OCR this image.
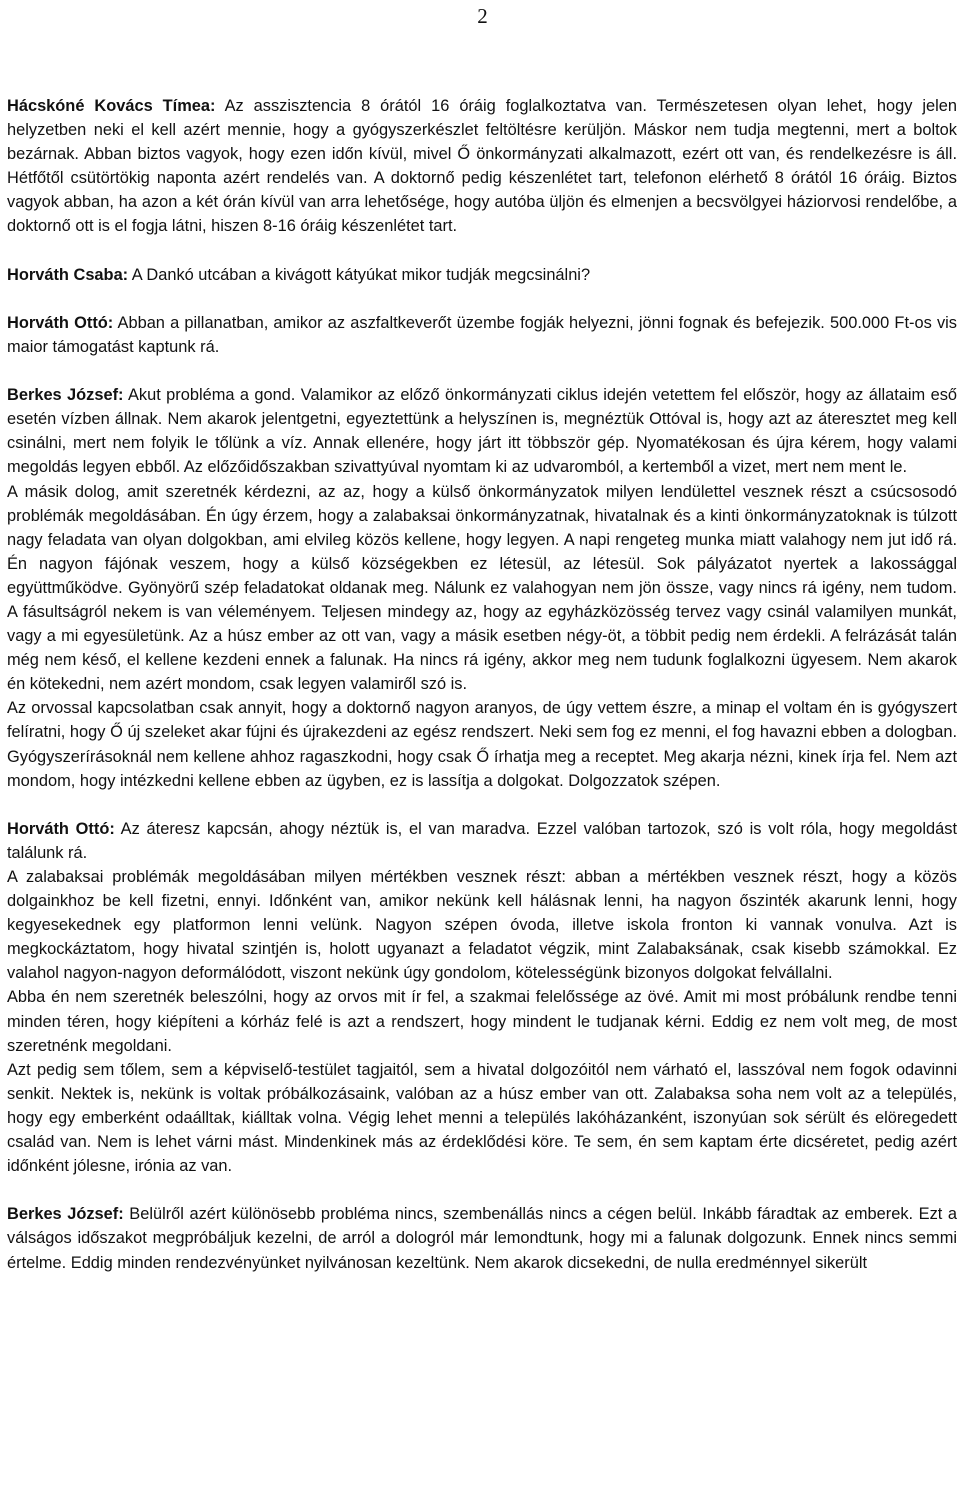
2

Hácskóné Kovács Tímea: Az asszisztencia 8 órától 16 óráig foglalkoztatva van. Természetesen olyan lehet, hogy jelen helyzetben neki el kell azért mennie, hogy a gyógyszerkészlet feltöltésre kerüljön. Máskor nem tudja megtenni, mert a boltok bezárnak. Abban biztos vagyok, hogy ezen időn kívül, mivel Ő önkormányzati alkalmazott, ezért ott van, és rendelkezésre is áll. Hétfőtől csütörtökig naponta azért rendelés van. A doktornő pedig készenlétet tart, telefonon elérhető 8 órától 16 óráig. Biztos vagyok abban, ha azon a két órán kívül van arra lehetősége, hogy autóba üljön és elmenjen a becsvölgyei háziorvosi rendelőbe, a doktornő ott is el fogja látni, hiszen 8-16 óráig készenlétet tart.

Horváth Csaba: A Dankó utcában a kivágott kátyúkat mikor tudják megcsinálni?

Horváth Ottó: Abban a pillanatban, amikor az aszfaltkeverőt üzembe fogják helyezni, jönni fognak és befejezik. 500.000 Ft-os vis maior támogatást kaptunk rá.

Berkes József: Akut probléma a gond. Valamikor az előző önkormányzati ciklus idején vetettem fel először, hogy az állataim eső esetén vízben állnak. Nem akarok jelentgetni, egyeztettünk a helyszínen is, megnéztük Ottóval is, hogy azt az áteresztet meg kell csinálni, mert nem folyik le tőlünk a víz. Annak ellenére, hogy járt itt többször gép. Nyomatékosan és újra kérem, hogy valami megoldás legyen ebből. Az előzőidőszakban szivattyúval nyomtam ki az udvaromból, a kertemből a vizet, mert nem ment le.

A másik dolog, amit szeretnék kérdezni, az az, hogy a külső önkormányzatok milyen lendülettel vesznek részt a csúcsosodó problémák megoldásában. Én úgy érzem, hogy a zalabaksai önkormányzatnak, hivatalnak és a kinti önkormányzatoknak is túlzott nagy feladata van olyan dolgokban, ami elvileg közös kellene, hogy legyen. A napi rengeteg munka miatt valahogy nem jut idő rá. Én nagyon fájónak veszem, hogy a külső községekben ez létesül, az létesül. Sok pályázatot nyertek a lakossággal együttműködve. Gyönyörű szép feladatokat oldanak meg. Nálunk ez valahogyan nem jön össze, vagy nincs rá igény, nem tudom. A fásultságról nekem is van véleményem. Teljesen mindegy az, hogy az egyházközösség tervez vagy csinál valamilyen munkát, vagy a mi egyesületünk. Az a húsz ember az ott van, vagy a másik esetben négy-öt, a többit pedig nem érdekli. A felrázását talán még nem késő, el kellene kezdeni ennek a falunak. Ha nincs rá igény, akkor meg nem tudunk foglalkozni ügyesem. Nem akarok én kötekedni, nem azért mondom, csak legyen valamiről szó is.

Az orvossal kapcsolatban csak annyit, hogy a doktornő nagyon aranyos, de úgy vettem észre, a minap el voltam én is gyógyszert felíratni, hogy Ő új szeleket akar fújni és újrakezdeni az egész rendszert. Neki sem fog ez menni, el fog havazni ebben a dologban. Gyógyszerírásoknál nem kellene ahhoz ragaszkodni, hogy csak Ő írhatja meg a receptet. Meg akarja nézni, kinek írja fel. Nem azt mondom, hogy intézkedni kellene ebben az ügyben, ez is lassítja a dolgokat. Dolgozzatok szépen.

Horváth Ottó: Az áteresz kapcsán, ahogy néztük is, el van maradva. Ezzel valóban tartozok, szó is volt róla, hogy megoldást találunk rá.

A zalabaksai problémák megoldásában milyen mértékben vesznek részt: abban a mértékben vesznek részt, hogy a közös dolgainkhoz be kell fizetni, ennyi. Időnként van, amikor nekünk kell hálásnak lenni, ha nagyon őszinték akarunk lenni, hogy kegyesekednek egy platformon lenni velünk. Nagyon szépen óvoda, illetve iskola fronton ki vannak vonulva. Azt is megkockáztatom, hogy hivatal szintjén is, holott ugyanazt a feladatot végzik, mint Zalabaksának, csak kisebb számokkal. Ez valahol nagyon-nagyon deformálódott, viszont nekünk úgy gondolom, kötelességünk bizonyos dolgokat felvállalni.

Abba én nem szeretnék beleszólni, hogy az orvos mit ír fel, a szakmai felelőssége az övé. Amit mi most próbálunk rendbe tenni minden téren, hogy kiépíteni a kórház felé is azt a rendszert, hogy mindent le tudjanak kérni. Eddig ez nem volt meg, de most szeretnénk megoldani.

Azt pedig sem tőlem, sem a képviselő-testület tagjaitól, sem a hivatal dolgozóitól nem várható el, lasszóval nem fogok odavinni senkit. Nektek is, nekünk is voltak próbálkozásaink, valóban az a húsz ember van ott. Zalabaksa soha nem volt az a település, hogy egy emberként odaálltak, kiálltak volna. Végig lehet menni a település lakóházanként, iszonyúan sok sérült és elöregedett család van. Nem is lehet várni mást. Mindenkinek más az érdeklődési köre. Te sem, én sem kaptam érte dicséretet, pedig azért időnként jólesne, irónia az van.

Berkes József: Belülről azért különösebb probléma nincs, szembenállás nincs a cégen belül. Inkább fáradtak az emberek. Ezt a válságos időszakot megpróbáljuk kezelni, de arról a dologról már lemondtunk, hogy mi a falunak dolgozunk. Ennek nincs semmi értelme. Eddig minden rendezvényünket nyilvánosan kezeltünk. Nem akarok dicsekedni, de nulla eredménnyel sikerült
